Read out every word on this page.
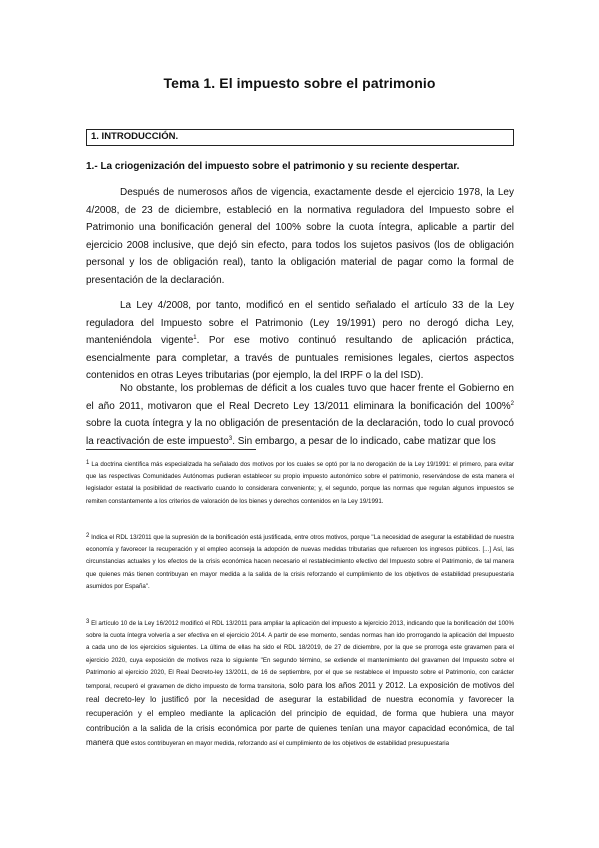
Tema 1. El impuesto sobre el patrimonio
1. INTRODUCCIÓN.
1.- La criogenización del impuesto sobre el patrimonio y su reciente despertar.

Después de numerosos años de vigencia, exactamente desde el ejercicio 1978, la Ley 4/2008, de 23 de diciembre, estableció en la normativa reguladora del Impuesto sobre el Patrimonio una bonificación general del 100% sobre la cuota íntegra, aplicable a partir del ejercicio 2008 inclusive, que dejó sin efecto, para todos los sujetos pasivos (los de obligación personal y los de obligación real), tanto la obligación material de pagar como la formal de presentación de la declaración.

La Ley 4/2008, por tanto, modificó en el sentido señalado el artículo 33 de la Ley reguladora del Impuesto sobre el Patrimonio (Ley 19/1991) pero no derogó dicha Ley, manteniéndola vigente$^1$. Por ese motivo continuó resultando de aplicación práctica, esencialmente para completar, a través de puntuales remisiones legales, ciertos aspectos contenidos en otras Leyes tributarias (por ejemplo, la del IRPF o la del ISD).

No obstante, los problemas de déficit a los cuales tuvo que hacer frente el Gobierno en el año 2011, motivaron que el Real Decreto Ley 13/2011 eliminara la bonificación del 100%$^2$ sobre la cuota íntegra y la no obligación de presentación de la declaración, todo lo cual provocó la reactivación de este impuesto$^3$. Sin embargo, a pesar de lo indicado, cabe matizar que los

1 La doctrina científica más especializada ha señalado dos motivos por los cuales se optó por la no derogación de la Ley 19/1991: el primero, para evitar que las respectivas Comunidades Autónomas pudieran establecer su propio impuesto autonómico sobre el patrimonio, reservándose de esta manera el legislador estatal la posibilidad de reactivarlo cuando lo considerara conveniente; y, el segundo, porque las normas que regulan algunos impuestos se remiten constantemente a los criterios de valoración de los bienes y derechos contenidos en la Ley 19/1991.

2 Indica el RDL 13/2011 que la supresión de la bonificación está justificada, entre otros motivos, porque "La necesidad de asegurar la estabilidad de nuestra economía y favorecer la recuperación y el empleo aconseja la adopción de nuevas medidas tributarias que refuercen los ingresos públicos. [...] Así, las circunstancias actuales y los efectos de la crisis económica hacen necesario el restablecimiento efectivo del Impuesto sobre el Patrimonio, de tal manera que quienes más tienen contribuyan en mayor medida a la salida de la crisis reforzando el cumplimiento de los objetivos de estabilidad presupuestaria asumidos por España".

3 El artículo 10 de la Ley 16/2012 modificó el RDL 13/2011 para ampliar la aplicación del impuesto a lejercicio 2013, indicando que la bonificación del 100% sobre la cuota íntegra volvería a ser efectiva en el ejercicio 2014. A partir de ese momento, sendas normas han ido prorrogando la aplicación del Impuesto a cada uno de los ejercicios siguientes. La última de ellas ha sido el RDL 18/2019, de 27 de diciembre, por la que se prorroga este gravamen para el ejercicio 2020, cuya exposición de motivos reza lo siguiente "En segundo término, se extiende el mantenimiento del gravamen del Impuesto sobre el Patrimonio al ejercicio 2020, El Real Decreto-ley 13/2011, de 16 de septiembre, por el que se restablece el Impuesto sobre el Patrimonio, con carácter temporal, recuperó el gravamen de dicho impuesto de forma transitoria, solo para los años 2011 y 2012. La exposición de motivos del real decreto-ley lo justificó por la necesidad de asegurar la estabilidad de nuestra economía y favorecer la recuperación y el empleo mediante la aplicación del principio de equidad, de forma que hubiera una mayor contribución a la salida de la crisis económica por parte de quienes tenían una mayor capacidad económica, de tal manera que estos contribuyeran en mayor medida, reforzando así el cumplimiento de los objetivos de estabilidad presupuestaria
